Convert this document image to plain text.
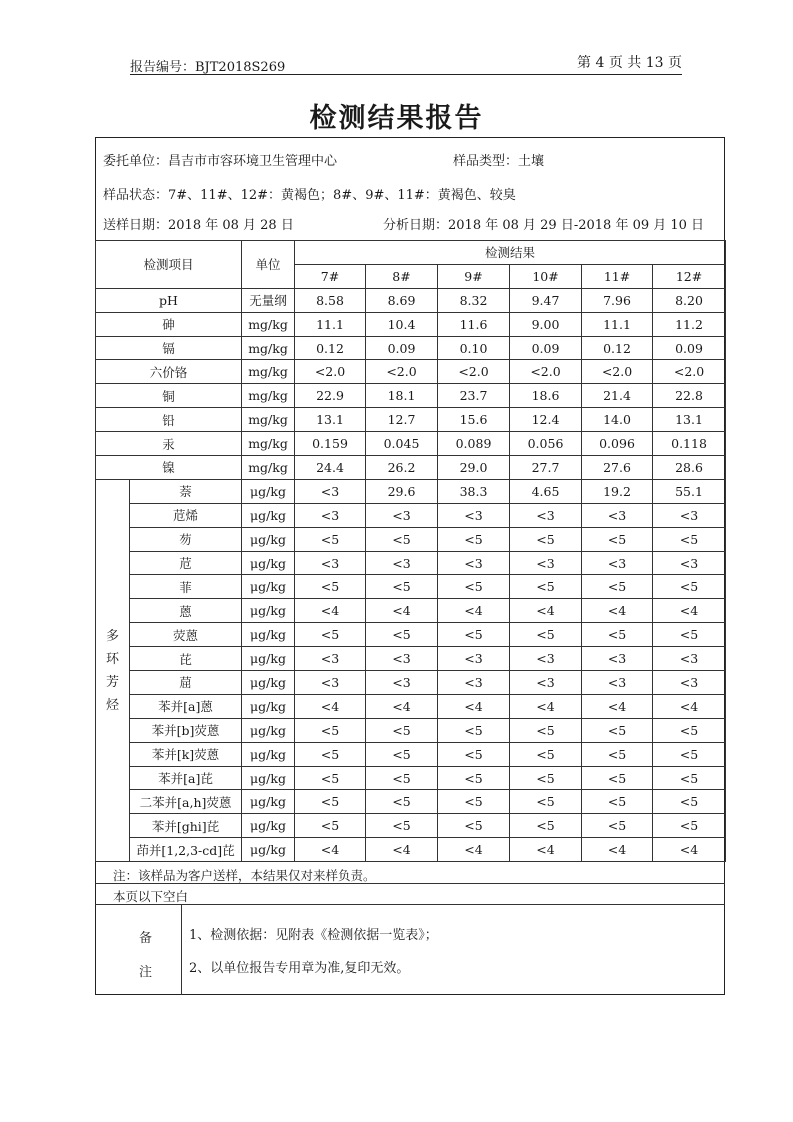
报告编号：BJT2018S269	第 4 页 共 13 页
检测结果报告
委托单位：昌吉市市容环境卫生管理中心	样品类型：土壤
样品状态：7#、11#、12#：黄褐色；8#、9#、11#：黄褐色、较臭
送样日期：2018 年 08 月 28 日	分析日期：2018 年 08 月 29 日-2018 年 09 月 10 日
检测项目		单位	检测结果					
			7#	8#	9#	10#	11#	12#
pH		无量纲	8.58	8.69	8.32	9.47	7.96	8.20
砷		mg/kg	11.1	10.4	11.6	9.00	11.1	11.2
镉		mg/kg	0.12	0.09	0.10	0.09	0.12	0.09
六价铬		mg/kg	<2.0	<2.0	<2.0	<2.0	<2.0	<2.0
铜		mg/kg	22.9	18.1	23.7	18.6	21.4	22.8
铅		mg/kg	13.1	12.7	15.6	12.4	14.0	13.1
汞		mg/kg	0.159	0.045	0.089	0.056	0.096	0.118
镍		mg/kg	24.4	26.2	29.0	27.7	27.6	28.6

多
环
芳
烃	萘	μg/kg	<3	29.6	38.3	4.65	19.2	55.1
	苊烯	μg/kg	<3	<3	<3	<3	<3	<3
	芴	μg/kg	<5	<5	<5	<5	<5	<5
	苊	μg/kg	<3	<3	<3	<3	<3	<3
	菲	μg/kg	<5	<5	<5	<5	<5	<5
	蒽	μg/kg	<4	<4	<4	<4	<4	<4
	荧蒽	μg/kg	<5	<5	<5	<5	<5	<5
	芘	μg/kg	<3	<3	<3	<3	<3	<3
	䓛	μg/kg	<3	<3	<3	<3	<3	<3
	苯并[a]蒽	μg/kg	<4	<4	<4	<4	<4	<4
	苯并[b]荧蒽	μg/kg	<5	<5	<5	<5	<5	<5
	苯并[k]荧蒽	μg/kg	<5	<5	<5	<5	<5	<5
	苯并[a]芘	μg/kg	<5	<5	<5	<5	<5	<5
	二苯并[a,h]荧蒽	μg/kg	<5	<5	<5	<5	<5	<5
	苯并[ghi]芘	μg/kg	<5	<5	<5	<5	<5	<5
	茚并[1,2,3-cd]芘	μg/kg	<4	<4	<4	<4	<4	<4
注：该样品为客户送样，本结果仅对来样负责。
本页以下空白
备
注
1、检测依据：见附表《检测依据一览表》；
2、以单位报告专用章为准,复印无效。
